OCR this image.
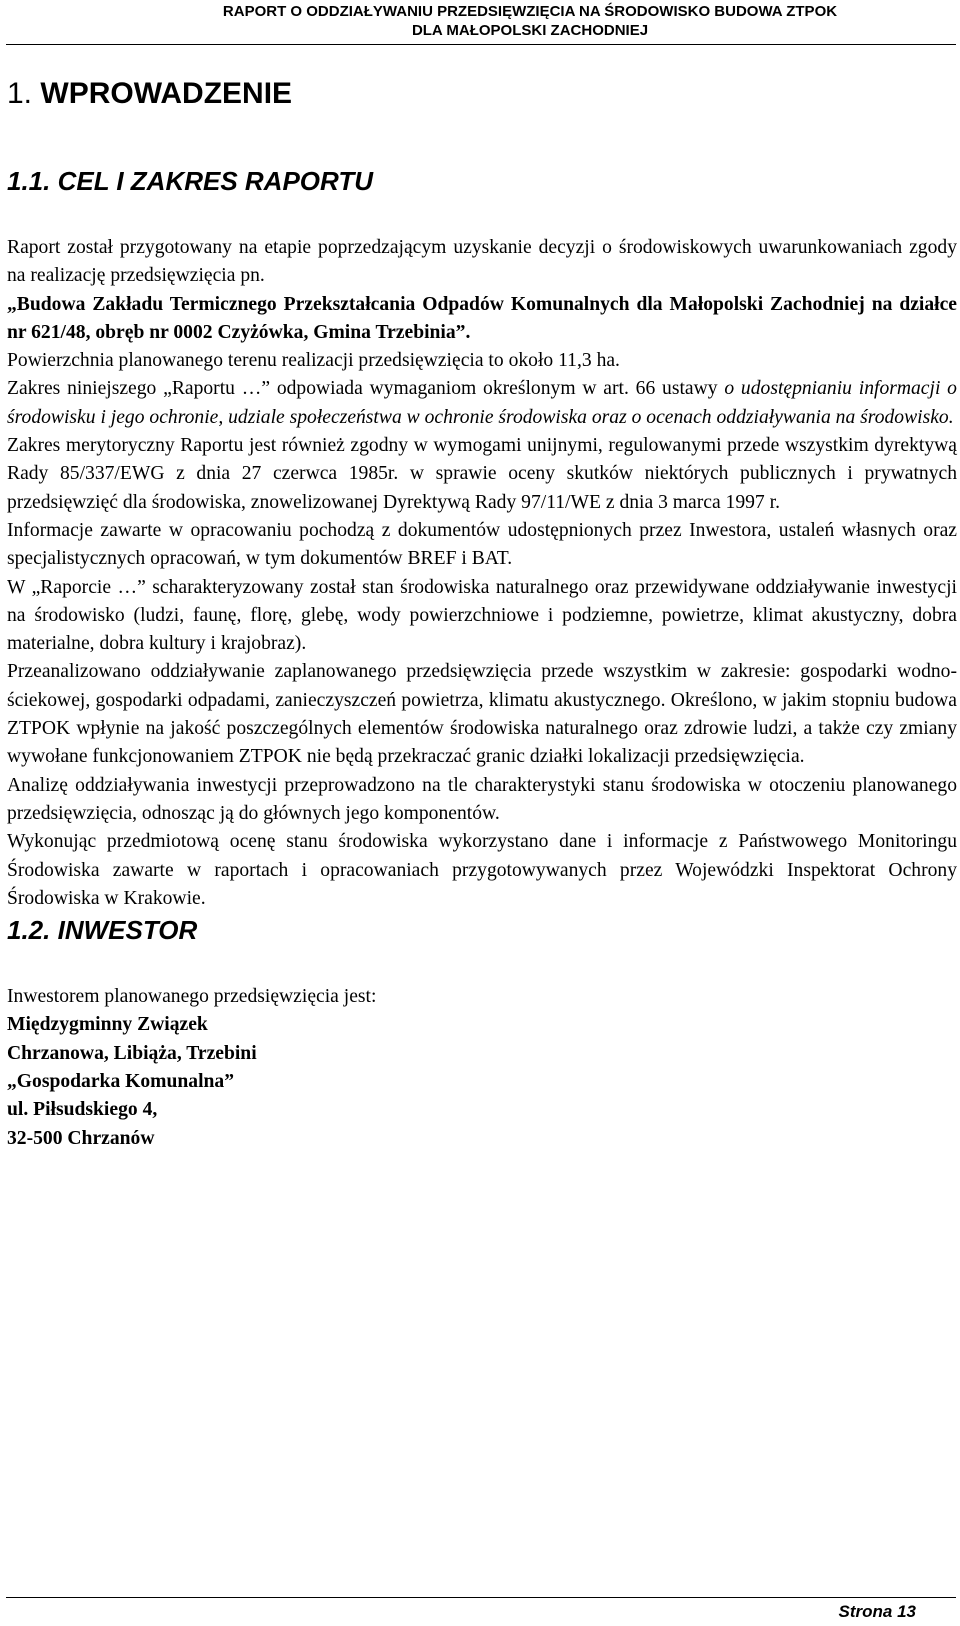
RAPORT O ODDZIAŁYWANIU PRZEDSIĘWZIĘCIA NA ŚRODOWISKO BUDOWA ZTPOK
DLA MAŁOPOLSKI ZACHODNIEJ
1. WPROWADZENIE
1.1. CEL I ZAKRES RAPORTU

Raport został przygotowany na etapie poprzedzającym uzyskanie decyzji o środowiskowych uwarunkowaniach zgody na realizację przedsięwzięcia pn.

„Budowa Zakładu Termicznego Przekształcania Odpadów Komunalnych dla Małopolski Zachodniej na działce nr 621/48, obręb nr 0002 Czyżówka, Gmina Trzebinia”.

Powierzchnia planowanego terenu realizacji przedsięwzięcia to około 11,3 ha.

Zakres niniejszego „Raportu …” odpowiada wymaganiom określonym w art. 66 ustawy o udostępnianiu informacji o środowisku i jego ochronie, udziale społeczeństwa w ochronie środowiska oraz o ocenach oddziaływania na środowisko.

Zakres merytoryczny Raportu jest również zgodny w wymogami unijnymi, regulowanymi przede wszystkim dyrektywą Rady 85/337/EWG z dnia 27 czerwca 1985r. w sprawie oceny skutków niektórych publicznych i prywatnych przedsięwzięć dla środowiska, znowelizowanej Dyrektywą Rady 97/11/WE z dnia 3 marca 1997 r.

Informacje zawarte w opracowaniu pochodzą z dokumentów udostępnionych przez Inwestora, ustaleń własnych oraz specjalistycznych opracowań, w tym dokumentów BREF i BAT.

W „Raporcie …” scharakteryzowany został stan środowiska naturalnego oraz przewidywane oddziaływanie inwestycji na środowisko (ludzi, faunę, florę, glebę, wody powierzchniowe i podziemne, powietrze, klimat akustyczny, dobra materialne, dobra kultury i krajobraz).

Przeanalizowano oddziaływanie zaplanowanego przedsięwzięcia przede wszystkim w zakresie: gospodarki wodno-ściekowej, gospodarki odpadami, zanieczyszczeń powietrza, klimatu akustycznego. Określono, w jakim stopniu budowa ZTPOK wpłynie na jakość poszczególnych elementów środowiska naturalnego oraz zdrowie ludzi, a także czy zmiany wywołane funkcjonowaniem ZTPOK nie będą przekraczać granic działki lokalizacji przedsięwzięcia.

Analizę oddziaływania inwestycji przeprowadzono na tle charakterystyki stanu środowiska w otoczeniu planowanego przedsięwzięcia, odnosząc ją do głównych jego komponentów.

Wykonując przedmiotową ocenę stanu środowiska wykorzystano dane i informacje z Państwowego Monitoringu Środowiska zawarte w raportach i opracowaniach przygotowywanych przez Wojewódzki Inspektorat Ochrony Środowiska w Krakowie.

1.2. INWESTOR

Inwestorem planowanego przedsięwzięcia jest:

Międzygminny Związek

Chrzanowa, Libiąża, Trzebini

„Gospodarka Komunalna”

ul. Piłsudskiego 4,

32-500 Chrzanów

Strona 13
